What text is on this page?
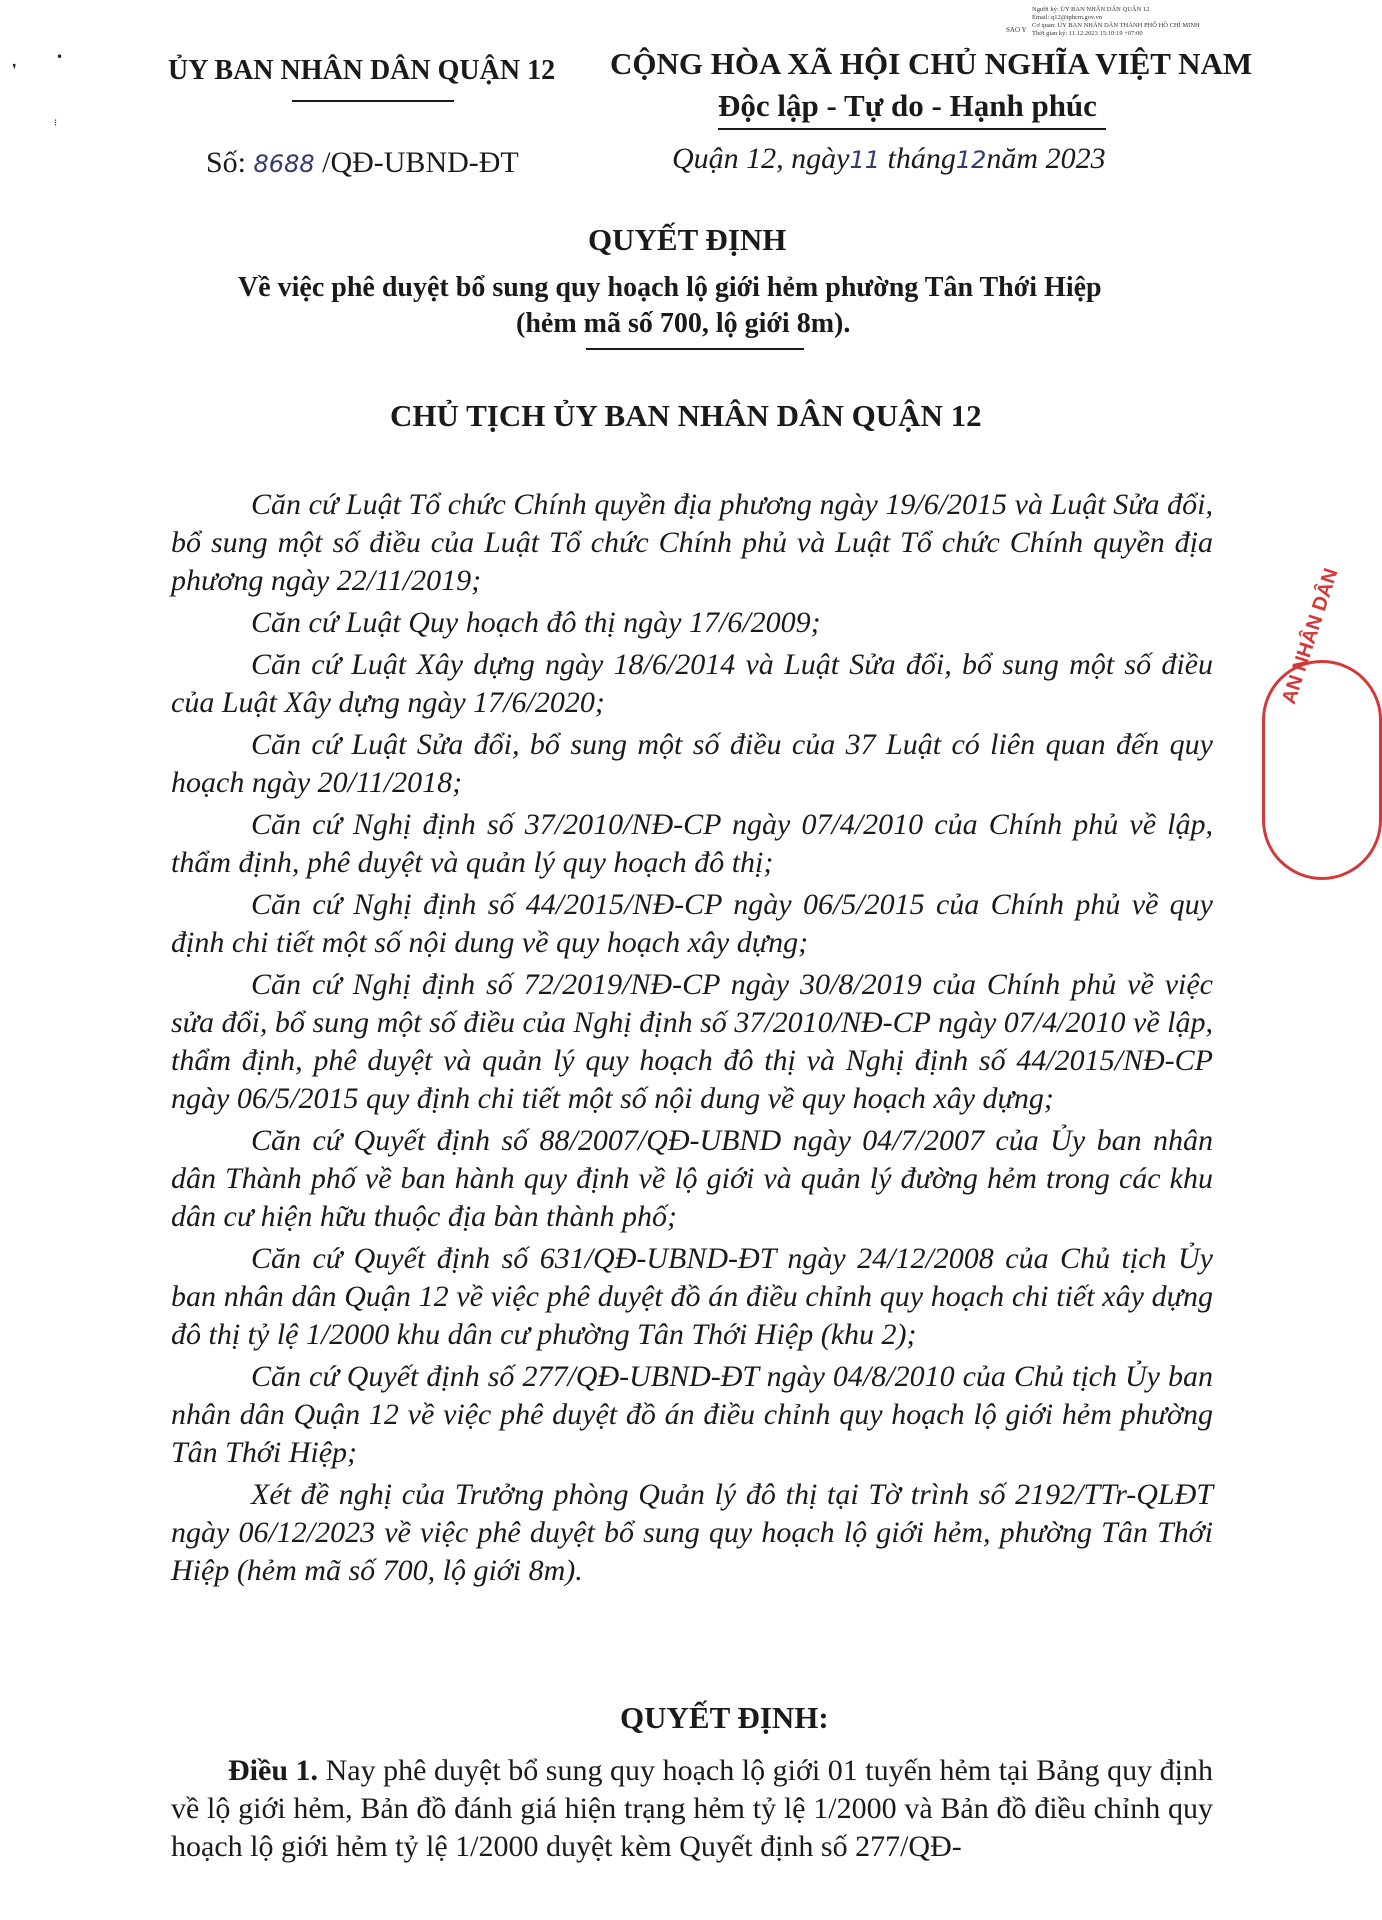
Người ký: ỦY BAN NHÂN DÂN QUẬN 12
Email: q12@tphcm.gov.vn
Cơ quan: ỦY BAN NHÂN DÂN THÀNH PHỐ HỒ CHÍ MINH
Thời gian ký: 11.12.2023 15:10:19 +07:00
SAO Y
❜
•
⁝
ỦY BAN NHÂN DÂN QUẬN 12 CỘNG HÒA XÃ HỘI CHỦ NGHĨA VIỆT NAM
Độc lập - Tự do - Hạnh phúc
Số: 8688 /QĐ-UBND-ĐT	Quận 12, ngày11 tháng12năm 2023
QUYẾT ĐỊNH
Về việc phê duyệt bổ sung quy hoạch lộ giới hẻm phường Tân Thới Hiệp
(hẻm mã số 700, lộ giới 8m).
CHỦ TỊCH ỦY BAN NHÂN DÂN QUẬN 12

Căn cứ Luật Tổ chức Chính quyền địa phương ngày 19/6/2015 và Luật Sửa đổi, bổ sung một số điều của Luật Tổ chức Chính phủ và Luật Tổ chức Chính quyền địa phương ngày 22/11/2019;

Căn cứ Luật Quy hoạch đô thị ngày 17/6/2009;

Căn cứ Luật Xây dựng ngày 18/6/2014 và Luật Sửa đổi, bổ sung một số điều của Luật Xây dựng ngày 17/6/2020;

Căn cứ Luật Sửa đổi, bổ sung một số điều của 37 Luật có liên quan đến quy hoạch ngày 20/11/2018;

Căn cứ Nghị định số 37/2010/NĐ-CP ngày 07/4/2010 của Chính phủ về lập, thẩm định, phê duyệt và quản lý quy hoạch đô thị;

Căn cứ Nghị định số 44/2015/NĐ-CP ngày 06/5/2015 của Chính phủ về quy định chi tiết một số nội dung về quy hoạch xây dựng;

Căn cứ Nghị định số 72/2019/NĐ-CP ngày 30/8/2019 của Chính phủ về việc sửa đổi, bổ sung một số điều của Nghị định số 37/2010/NĐ-CP ngày 07/4/2010 về lập, thẩm định, phê duyệt và quản lý quy hoạch đô thị và Nghị định số 44/2015/NĐ-CP ngày 06/5/2015 quy định chi tiết một số nội dung về quy hoạch xây dựng;

Căn cứ Quyết định số 88/2007/QĐ-UBND ngày 04/7/2007 của Ủy ban nhân dân Thành phố về ban hành quy định về lộ giới và quản lý đường hẻm trong các khu dân cư hiện hữu thuộc địa bàn thành phố;

Căn cứ Quyết định số 631/QĐ-UBND-ĐT ngày 24/12/2008 của Chủ tịch Ủy ban nhân dân Quận 12 về việc phê duyệt đồ án điều chỉnh quy hoạch chi tiết xây dựng đô thị tỷ lệ 1/2000 khu dân cư phường Tân Thới Hiệp (khu 2);

Căn cứ Quyết định số 277/QĐ-UBND-ĐT ngày 04/8/2010 của Chủ tịch Ủy ban nhân dân Quận 12 về việc phê duyệt đồ án điều chỉnh quy hoạch lộ giới hẻm phường Tân Thới Hiệp;

Xét đề nghị của Trưởng phòng Quản lý đô thị tại Tờ trình số 2192/TTr-QLĐT ngày 06/12/2023 về việc phê duyệt bổ sung quy hoạch lộ giới hẻm, phường Tân Thới Hiệp (hẻm mã số 700, lộ giới 8m).

QUYẾT ĐỊNH:

Điều 1. Nay phê duyệt bổ sung quy hoạch lộ giới 01 tuyến hẻm tại Bảng quy định về lộ giới hẻm, Bản đồ đánh giá hiện trạng hẻm tỷ lệ 1/2000 và Bản đồ điều chỉnh quy hoạch lộ giới hẻm tỷ lệ 1/2000 duyệt kèm Quyết định số 277/QĐ-

AN NHÂN DÂN
